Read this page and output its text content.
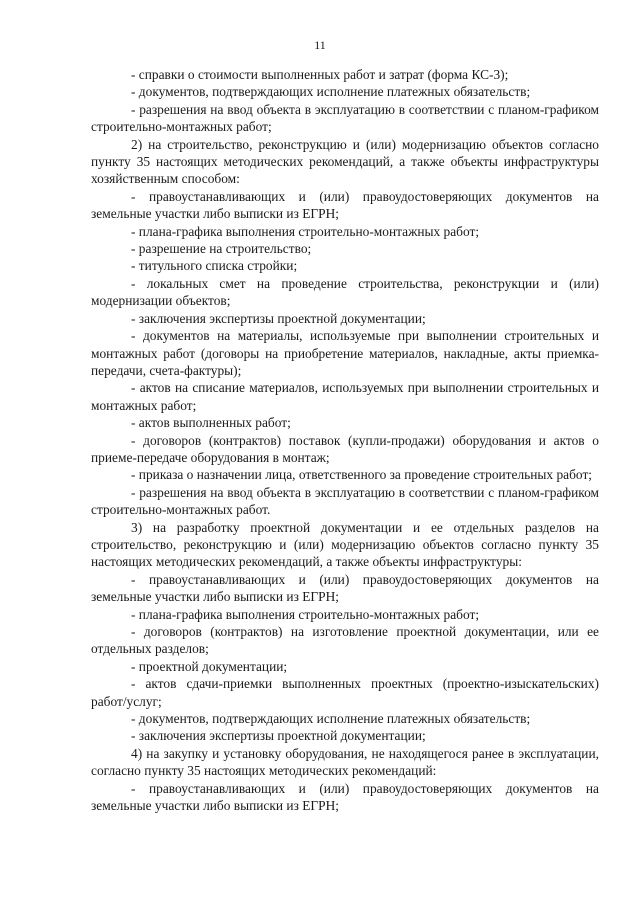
11

- справки о стоимости выполненных работ и затрат (форма КС-3);

- документов, подтверждающих исполнение платежных обязательств;

- разрешения на ввод объекта в эксплуатацию в соответствии с планом-графиком строительно-монтажных работ;

2) на строительство, реконструкцию и (или) модернизацию объектов согласно пункту 35 настоящих методических рекомендаций, а также объекты инфраструктуры хозяйственным способом:

- правоустанавливающих и (или) правоудостоверяющих документов на земельные участки либо выписки из ЕГРН;

- плана-графика выполнения строительно-монтажных работ;

- разрешение на строительство;

- титульного списка стройки;

- локальных смет на проведение строительства, реконструкции и (или) модернизации объектов;

- заключения экспертизы проектной документации;

- документов на материалы, используемые при выполнении строительных и монтажных работ (договоры на приобретение материалов, накладные, акты приемка-передачи, счета-фактуры);

- актов на списание материалов, используемых при выполнении строительных и монтажных работ;

- актов выполненных работ;

- договоров (контрактов) поставок (купли-продажи) оборудования и актов о приеме-передаче оборудования в монтаж;

- приказа о назначении лица, ответственного за проведение строительных работ;

- разрешения на ввод объекта в эксплуатацию в соответствии с планом-графиком строительно-монтажных работ.

3) на разработку проектной документации и ее отдельных разделов на строительство, реконструкцию и (или) модернизацию объектов согласно пункту 35 настоящих методических рекомендаций, а также объекты инфраструктуры:

- правоустанавливающих и (или) правоудостоверяющих документов на земельные участки либо выписки из ЕГРН;

- плана-графика выполнения строительно-монтажных работ;

- договоров (контрактов) на изготовление проектной документации, или ее отдельных разделов;

- проектной документации;

- актов сдачи-приемки выполненных проектных (проектно-изыскательских) работ/услуг;

- документов, подтверждающих исполнение платежных обязательств;

- заключения экспертизы проектной документации;

4) на закупку и установку оборудования, не находящегося ранее в эксплуатации, согласно пункту 35 настоящих методических рекомендаций:

- правоустанавливающих и (или) правоудостоверяющих документов на земельные участки либо выписки из ЕГРН;
